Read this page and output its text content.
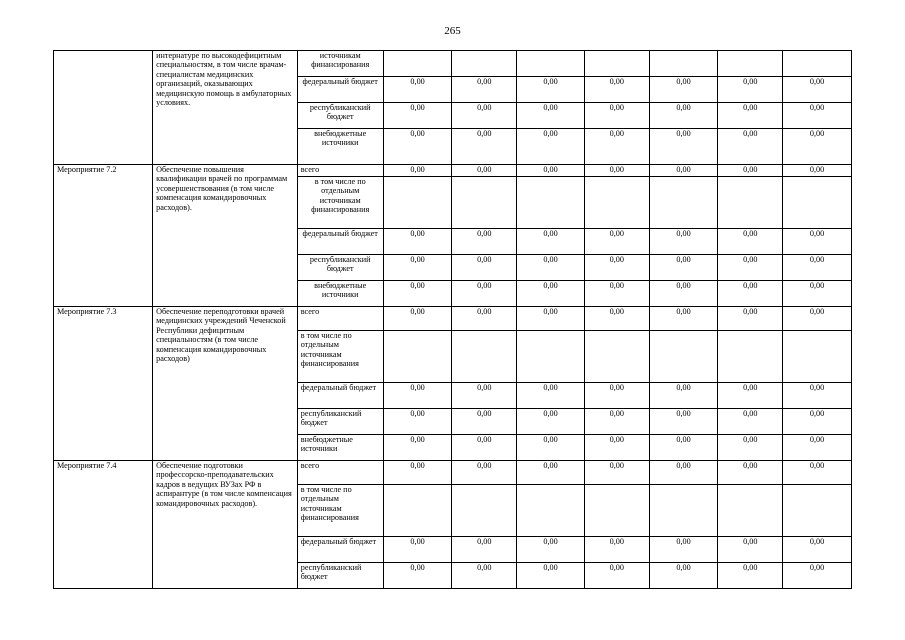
265
	интернатуре по высокодефицитным специальностям, в том числе врачам-специалистам медицинских организаций, оказывающих медицинскую помощь в амбулаторных условиях.	источникам финансирования							
		федеральный бюджет	0,00	0,00	0,00	0,00	0,00	0,00	0,00
		республиканский бюджет	0,00	0,00	0,00	0,00	0,00	0,00	0,00
		внебюджетные источники	0,00	0,00	0,00	0,00	0,00	0,00	0,00
Мероприятие 7.2	Обеспечение повышения квалификации врачей по программам усовершенствования (в том числе компенсация командировочных расходов).	всего	0,00	0,00	0,00	0,00	0,00	0,00	0,00
		в том числе по отдельным источникам финансирования							
		федеральный бюджет	0,00	0,00	0,00	0,00	0,00	0,00	0,00
		республиканский бюджет	0,00	0,00	0,00	0,00	0,00	0,00	0,00
		внебюджетные источники	0,00	0,00	0,00	0,00	0,00	0,00	0,00
Мероприятие 7.3	Обеспечение переподготовки врачей медицинских учреждений Чеченской Республики дефицитным специальностям (в том числе компенсация командировочных расходов)	всего	0,00	0,00	0,00	0,00	0,00	0,00	0,00
		в том числе по отдельным источникам финансирования							
		федеральный бюджет	0,00	0,00	0,00	0,00	0,00	0,00	0,00
		республиканский бюджет	0,00	0,00	0,00	0,00	0,00	0,00	0,00
		внебюджетные источники	0,00	0,00	0,00	0,00	0,00	0,00	0,00
Мероприятие 7.4	Обеспечение подготовки профессорско-преподавательских кадров в ведущих ВУЗах РФ в аспирантуре (в том числе компенсация командировочных расходов).	всего	0,00	0,00	0,00	0,00	0,00	0,00	0,00
		в том числе по отдельным источникам финансирования							
		федеральный бюджет	0,00	0,00	0,00	0,00	0,00	0,00	0,00
		республиканский бюджет	0,00	0,00	0,00	0,00	0,00	0,00	0,00
